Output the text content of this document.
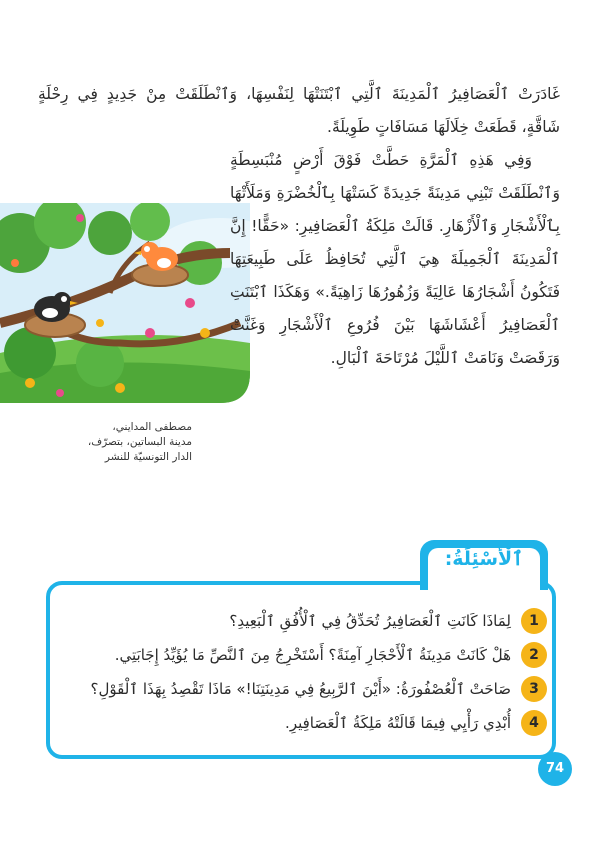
غَادَرَتْ ٱلْعَصَافِيرُ ٱلْمَدِينَةَ ٱلَّتِي ٱبْتَنَتْهَا لِنَفْسِهَا، وَٱنْطَلَقَتْ مِنْ جَدِيدٍ فِي رِحْلَةٍ شَاقَّةٍ، قَطَعَتْ خِلَالَهَا مَسَافَاتٍ طَوِيلَةً.

وَفِي هَذِهِ ٱلْمَرَّةِ حَطَّتْ فَوْقَ أَرْضٍ مُنْبَسِطَةٍ وَٱنْطَلَقَتْ تَبْنِي مَدِينَةً جَدِيدَةً كَسَتْهَا بِٱلْخُضْرَةِ وَمَلَأَتْهَا بِٱلْأَشْجَارِ وَٱلْأَزْهَارِ. قَالَتْ مَلِكَةُ ٱلْعَصَافِيرِ: «حَقًّا! إِنَّ ٱلْمَدِينَةَ ٱلْجَمِيلَةَ هِيَ ٱلَّتِي تُحَافِظُ عَلَى طَبِيعَتِهَا فَتَكُونُ أَشْجَارُهَا عَالِيَةً وَزُهُورُهَا زَاهِيَةً.» وَهَكَذَا ٱبْتَنَتِ ٱلْعَصَافِيرُ أَعْشَاشَهَا بَيْنَ فُرُوعِ ٱلْأَشْجَارِ وَغَنَّتْ وَرَقَصَتْ وَنَامَتْ ٱللَّيْلَ مُرْتَاحَةَ ٱلْبَالِ.

مصطفى المدايني،
مدينة البساتين، بتصرّف،
الدار التونسيّة للنشر
ٱلْأَسْئِلَةُ:
1
لِمَاذَا كَانَتِ ٱلْعَصَافِيرُ تُحَدِّقُ فِي ٱلْأُفُقِ ٱلْبَعِيدِ؟
2
هَلْ كَانَتْ مَدِينَةُ ٱلْأَحْجَارِ آمِنَةً؟ أَسْتَخْرِجُ مِنَ ٱلنَّصِّ مَا يُؤَيِّدُ إِجَابَتِي.
3
صَاحَتْ ٱلْعُصْفُورَةُ: «أَيْنَ ٱلرَّبِيعُ فِي مَدِينَتِنَا!» مَاذَا تَقْصِدُ بِهَذَا ٱلْقَوْلِ؟
4
أُبْدِي رَأْيِي فِيمَا قَالَتْهُ مَلِكَةُ ٱلْعَصَافِيرِ.
74
